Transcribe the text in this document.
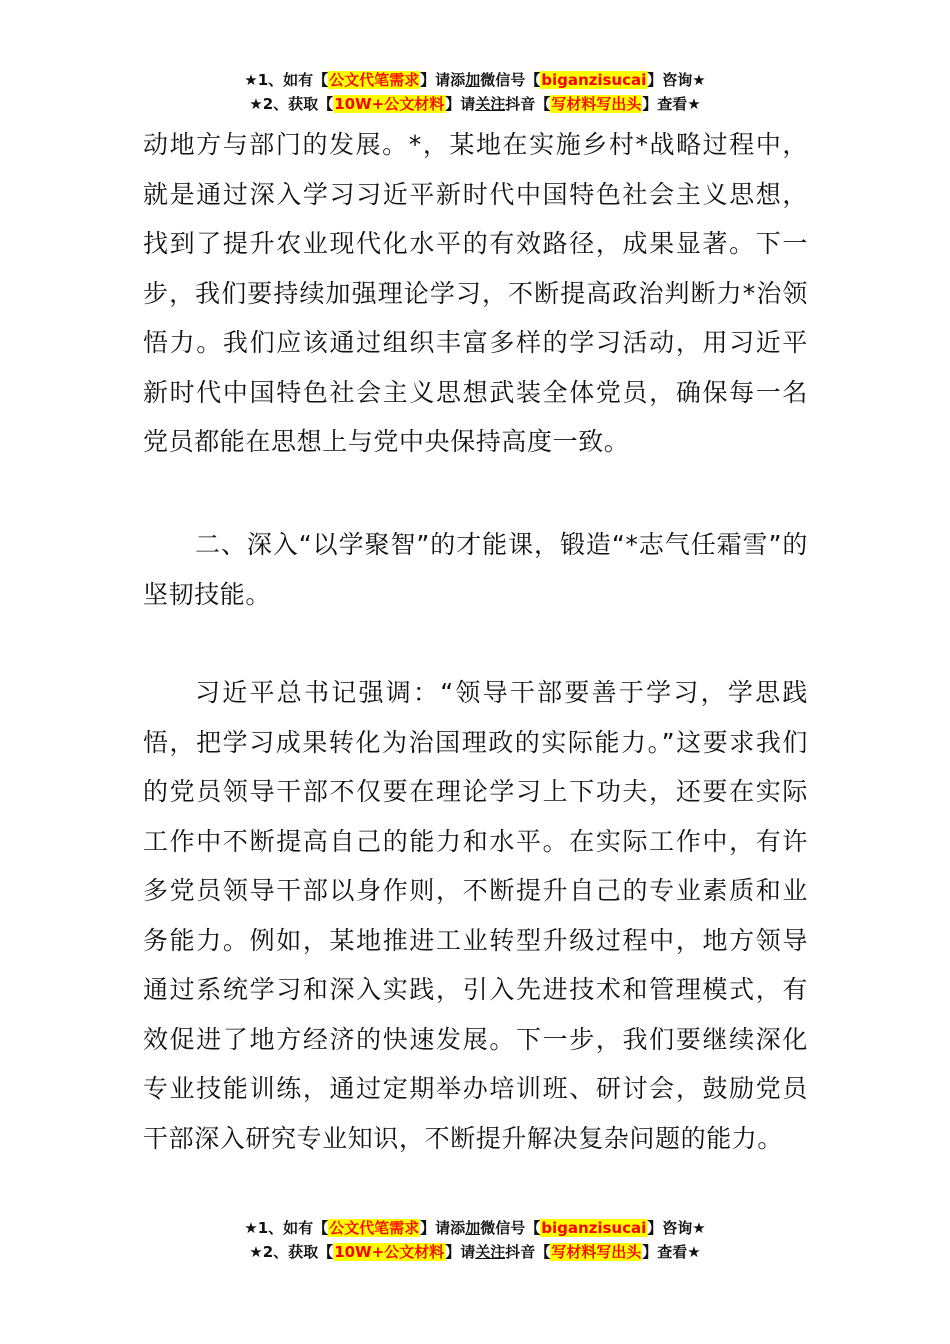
★1、如有【公文代笔需求】请添加微信号【biganzisucai】咨询★
★2、获取【10W+公文材料】请关注抖音【写材料写出头】查看★

动地方与部门的发展。*，某地在实施乡村*战略过程中，就是通过深入学习习近平新时代中国特色社会主义思想，找到了提升农业现代化水平的有效路径，成果显著。下一步，我们要持续加强理论学习，不断提高政治判断力*治领悟力。我们应该通过组织丰富多样的学习活动，用习近平新时代中国特色社会主义思想武装全体党员，确保每一名党员都能在思想上与党中央保持高度一致。

二、深入“以学聚智”的才能课，锻造“*志气任霜雪”的坚韧技能。

习近平总书记强调：“领导干部要善于学习，学思践悟，把学习成果转化为治国理政的实际能力。”这要求我们的党员领导干部不仅要在理论学习上下功夫，还要在实际工作中不断提高自己的能力和水平。在实际工作中，有许多党员领导干部以身作则，不断提升自己的专业素质和业务能力。例如，某地推进工业转型升级过程中，地方领导通过系统学习和深入实践，引入先进技术和管理模式，有效促进了地方经济的快速发展。下一步，我们要继续深化专业技能训练，通过定期举办培训班、研讨会，鼓励党员干部深入研究专业知识，不断提升解决复杂问题的能力。

★1、如有【公文代笔需求】请添加微信号【biganzisucai】咨询★
★2、获取【10W+公文材料】请关注抖音【写材料写出头】查看★
